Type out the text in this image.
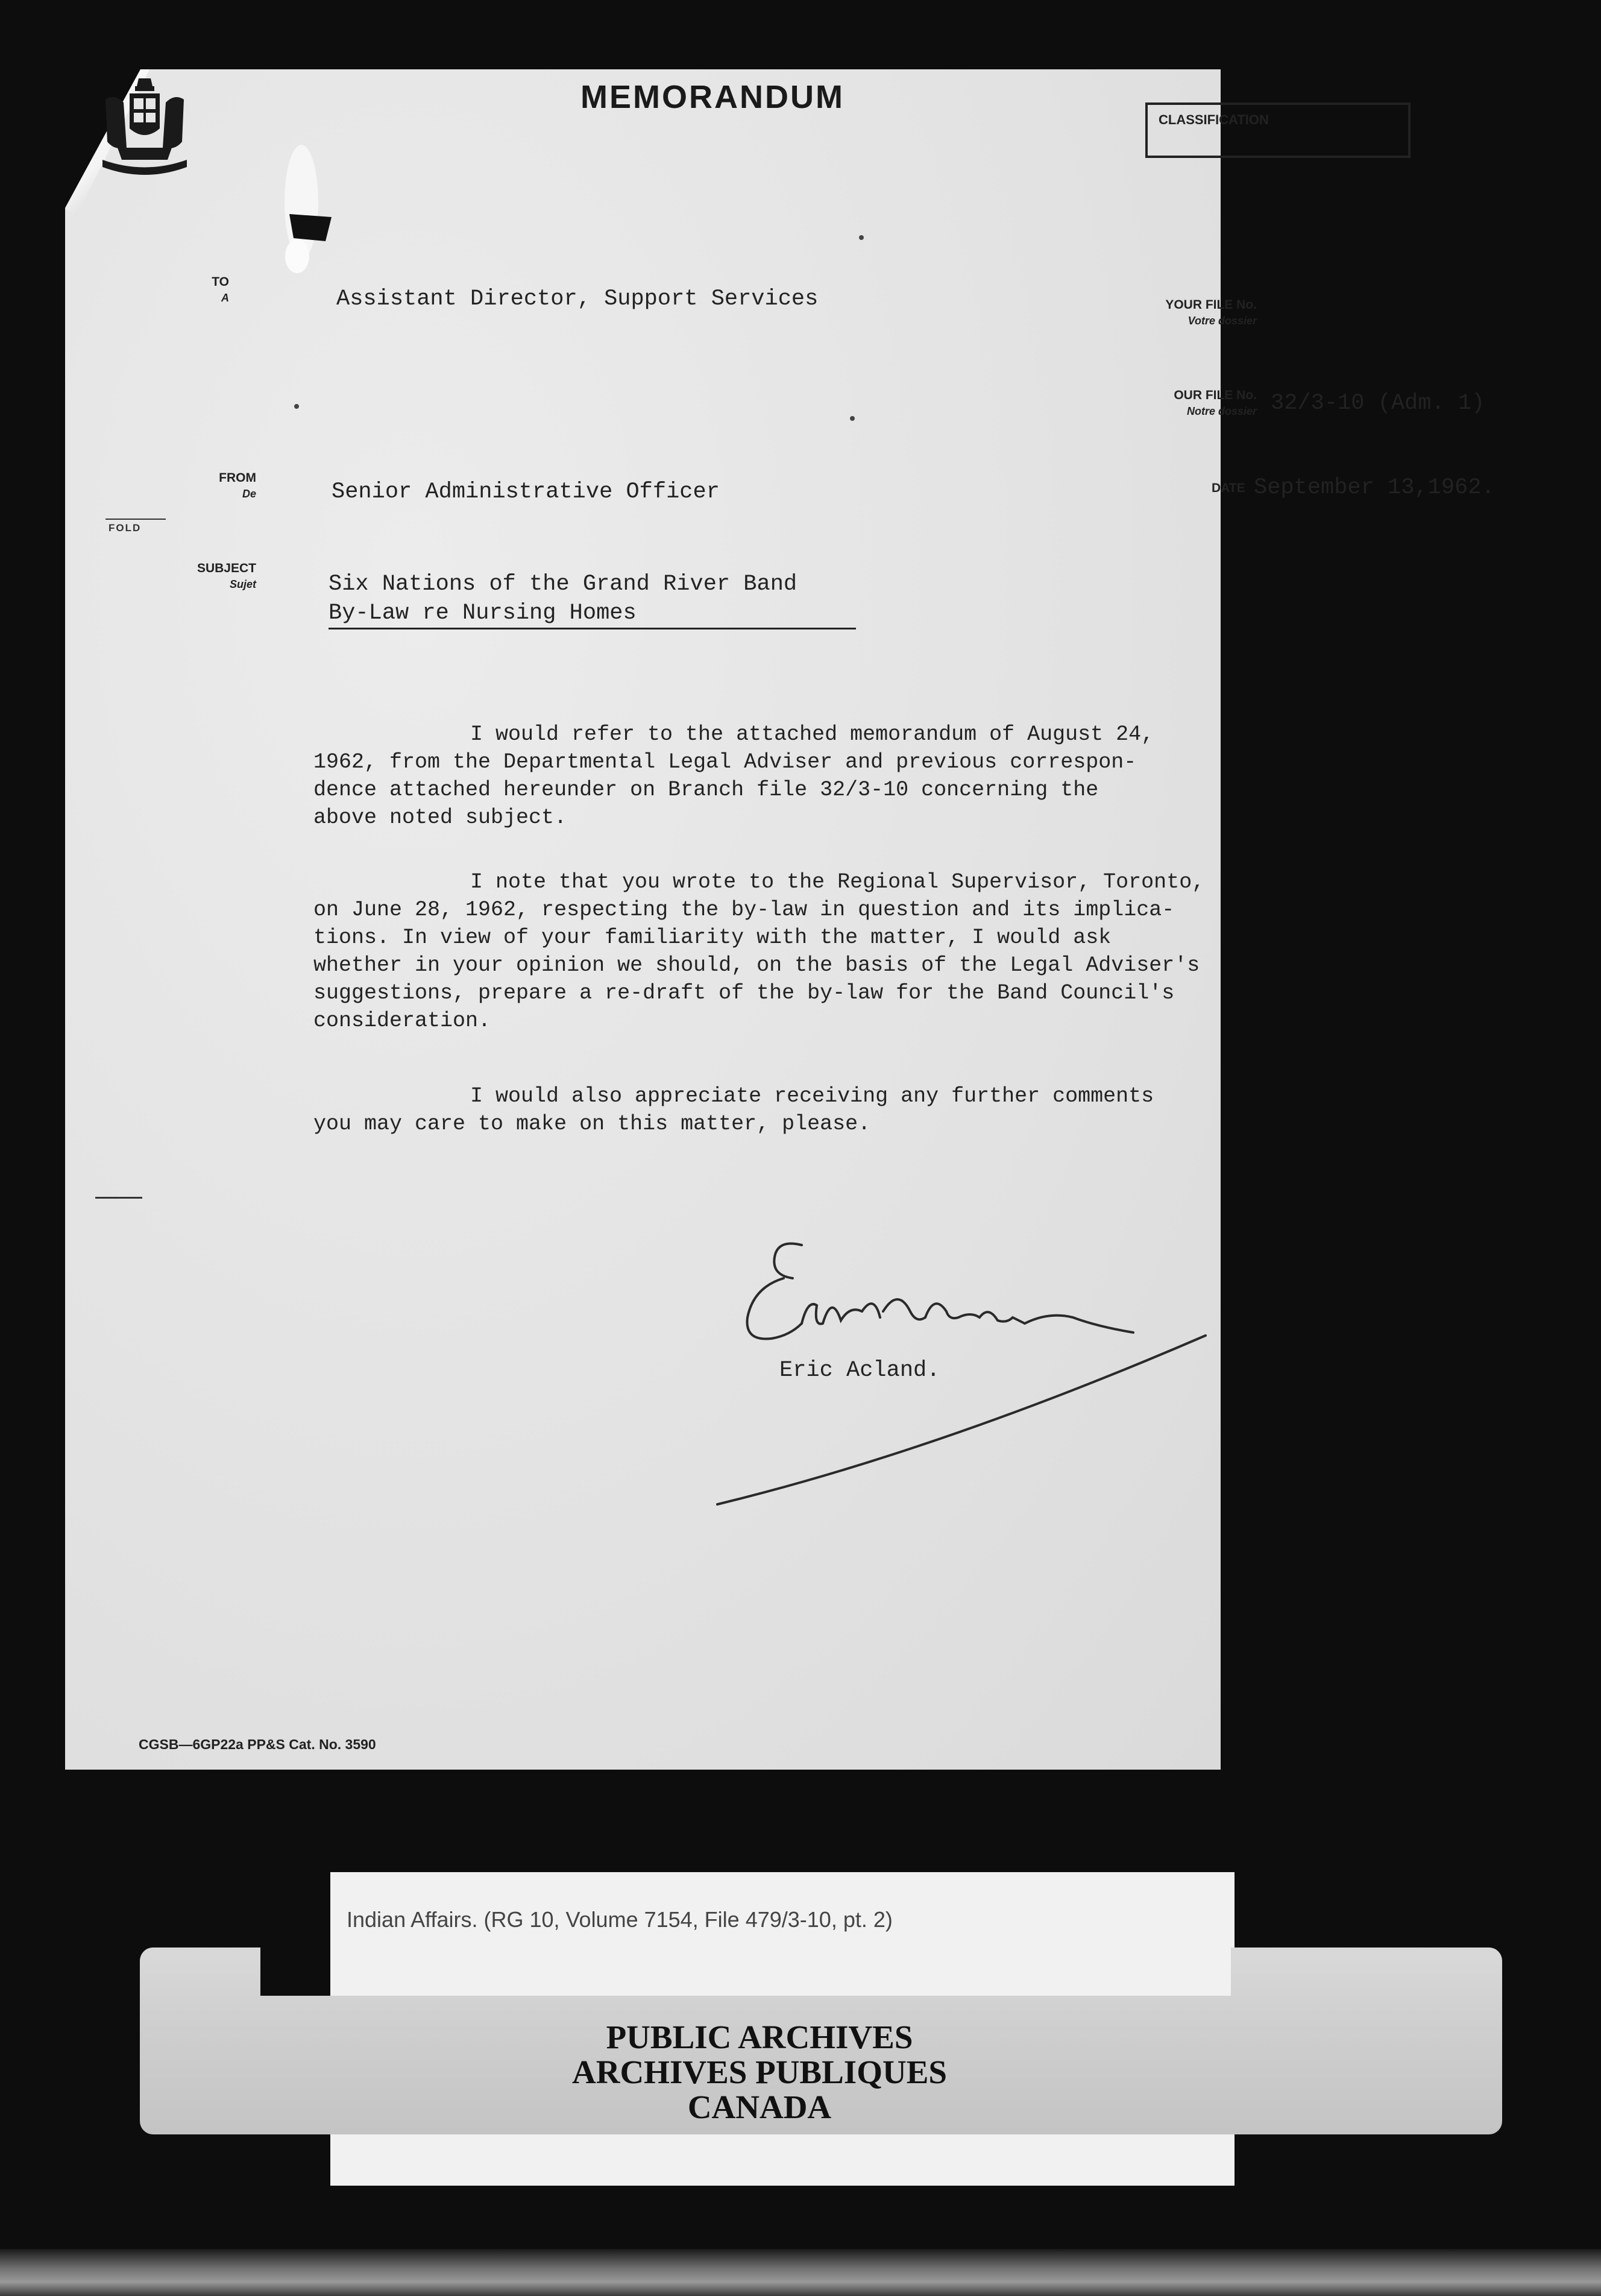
MEMORANDUM
CLASSIFICATION
TO
A	Assistant Director, Support Services	YOUR FILE No.
Votre dossier
OUR FILE No.
Notre dossier 32/3-10 (Adm. 1)
FROM
De	Senior Administrative Officer	DATE September 13,1962.
FOLD
SUBJECT
Sujet	Six Nations of the Grand River Band
By-Law re Nursing Homes

I would refer to the attached memorandum of August 24,

1962, from the Departmental Legal Adviser and previous correspon-

dence attached hereunder on Branch file 32/3-10 concerning the

above noted subject.

I note that you wrote to the Regional Supervisor, Toronto,

on June 28, 1962, respecting the by-law in question and its implica-

tions. In view of your familiarity with the matter, I would ask

whether in your opinion we should, on the basis of the Legal Adviser's

suggestions, prepare a re-draft of the by-law for the Band Council's

consideration.

I would also appreciate receiving any further comments

you may care to make on this matter, please.

Eric Acland.
CGSB—6GP22a PP&S Cat. No. 3590
Indian Affairs. (RG 10, Volume 7154, File 479/3-10, pt. 2)
PUBLIC ARCHIVES
ARCHIVES PUBLIQUES
CANADA
